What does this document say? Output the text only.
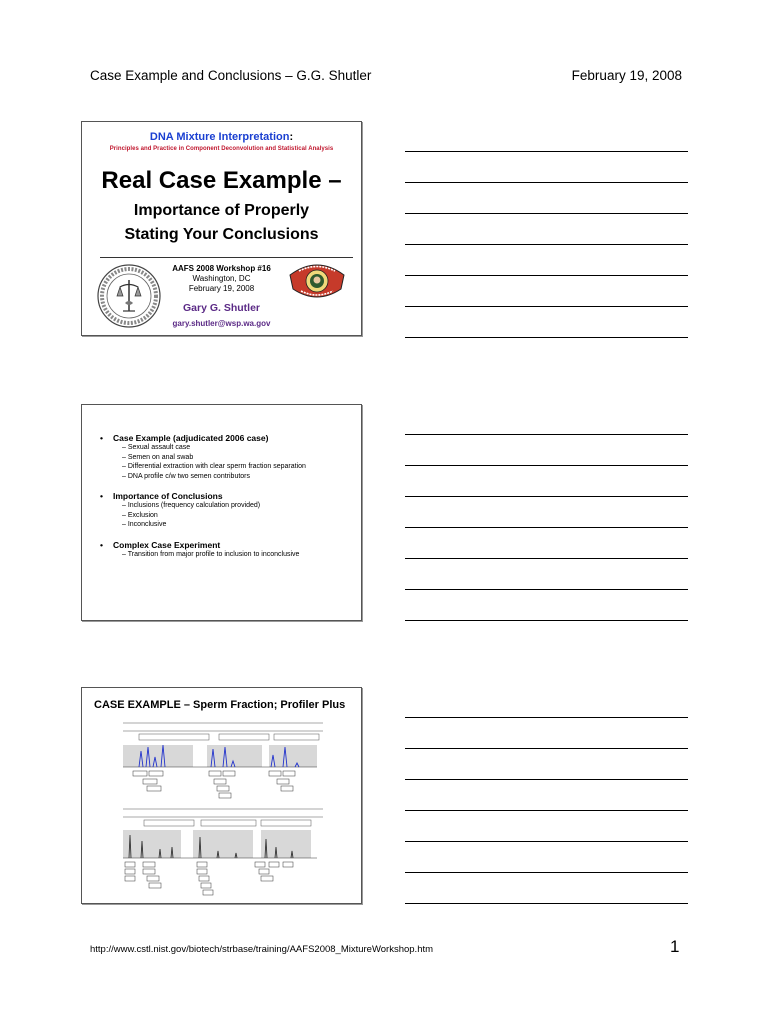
Case Example and Conclusions – G.G. Shutler	February 19, 2008
DNA Mixture Interpretation:
Principles and Practice in Component Deconvolution and Statistical Analysis
Real Case Example –
Importance of Properly
Stating Your Conclusions
AAFS 2008 Workshop #16
Washington, DC
February 19, 2008
Gary G. Shutler
gary.shutler@wsp.wa.gov
• Case Example (adjudicated 2006 case)
– Sexual assault case
– Semen on anal swab
– Differential extraction with clear sperm fraction separation
– DNA profile c/w two semen contributors
• Importance of Conclusions
– Inclusions (frequency calculation provided)
– Exclusion
– Inconclusive
• Complex Case Experiment
– Transition from major profile to inclusion to inconclusive
CASE EXAMPLE – Sperm Fraction; Profiler Plus
http://www.cstl.nist.gov/biotech/strbase/training/AAFS2008_MixtureWorkshop.htm	1
